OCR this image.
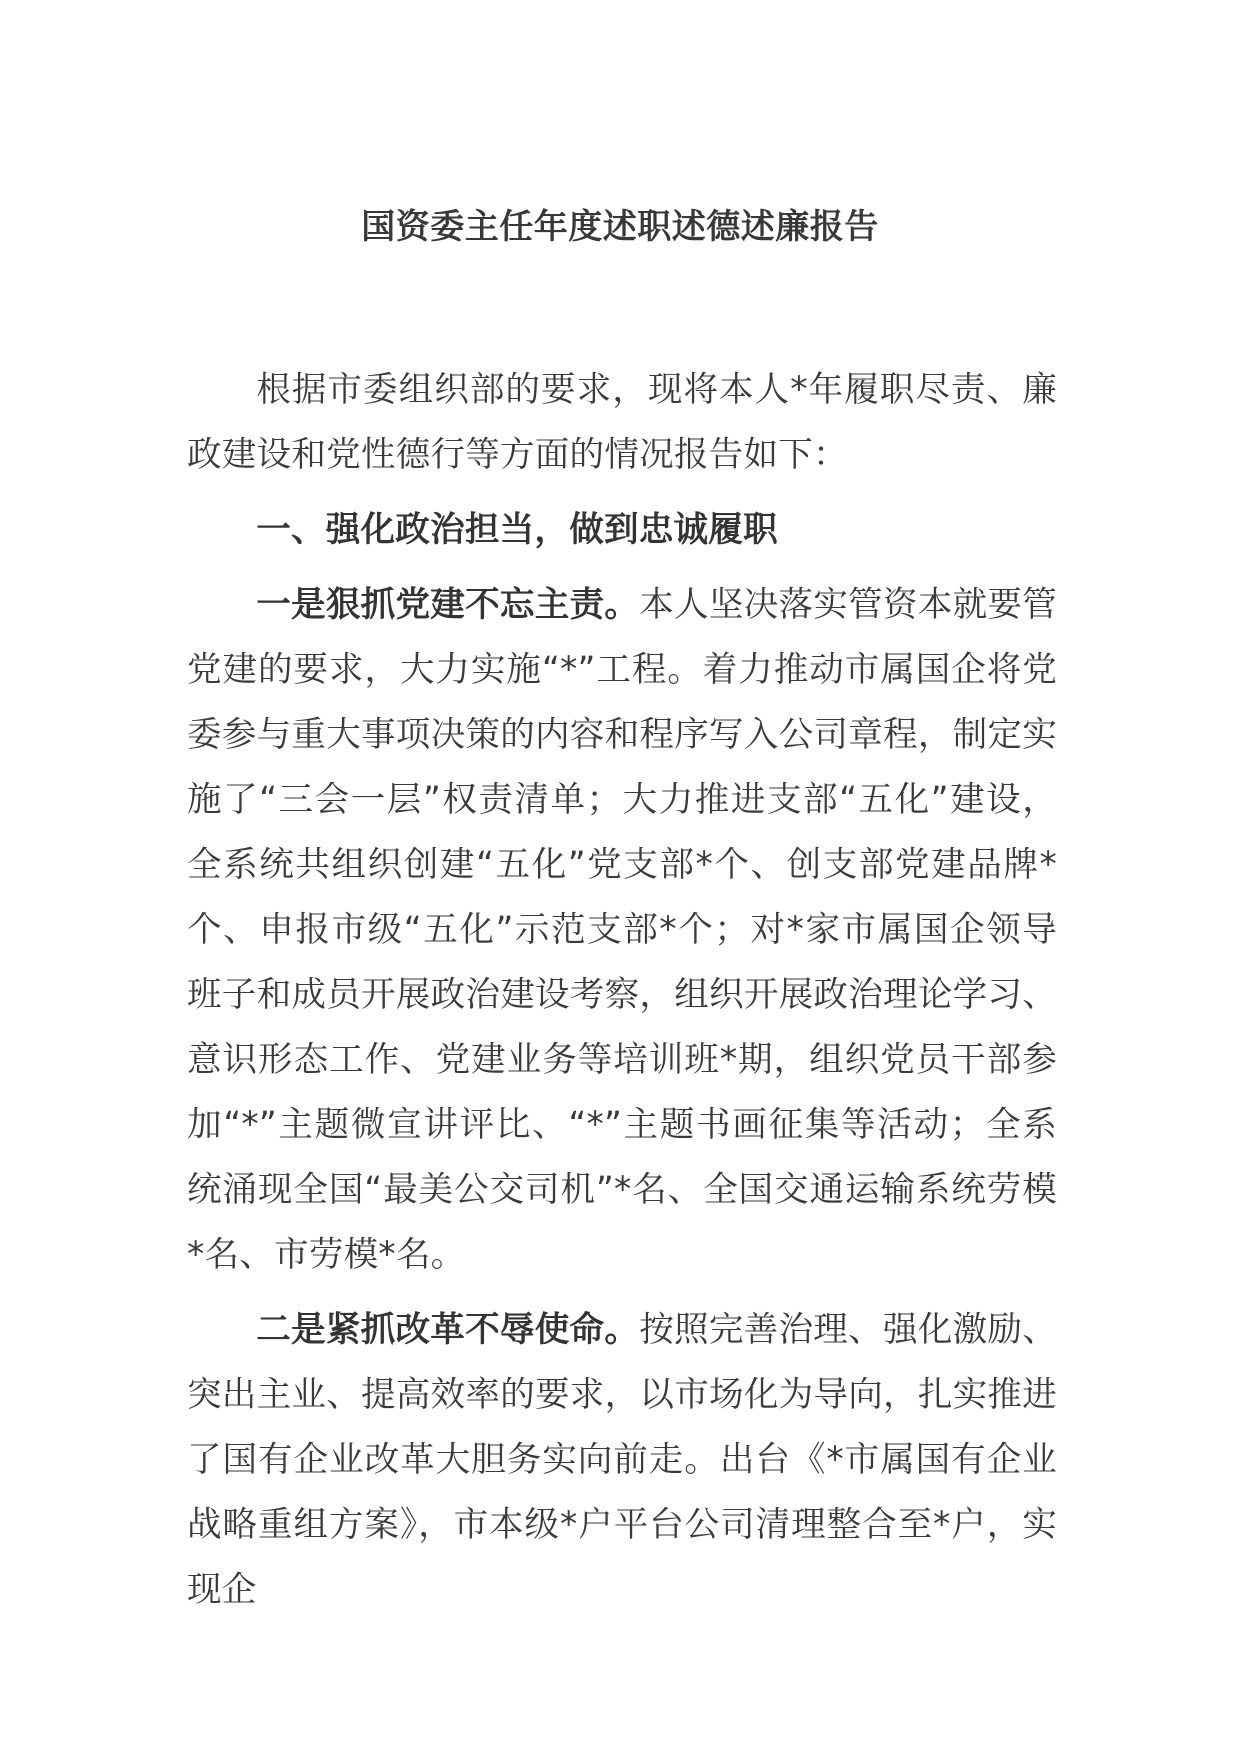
国资委主任年度述职述德述廉报告

根据市委组织部的要求，现将本人*年履职尽责、廉政建设和党性德行等方面的情况报告如下：

一、强化政治担当，做到忠诚履职

一是狠抓党建不忘主责。本人坚决落实管资本就要管党建的要求，大力实施“*”工程。着力推动市属国企将党委参与重大事项决策的内容和程序写入公司章程，制定实施了“三会一层”权责清单；大力推进支部“五化”建设，全系统共组织创建“五化”党支部*个、创支部党建品牌*个、申报市级“五化”示范支部*个；对*家市属国企领导班子和成员开展政治建设考察，组织开展政治理论学习、意识形态工作、党建业务等培训班*期，组织党员干部参加“*”主题微宣讲评比、“*”主题书画征集等活动；全系统涌现全国“最美公交司机”*名、全国交通运输系统劳模*名、市劳模*名。

二是紧抓改革不辱使命。按照完善治理、强化激励、突出主业、提高效率的要求，以市场化为导向，扎实推进了国有企业改革大胆务实向前走。出台《*市属国有企业战略重组方案》，市本级*户平台公司清理整合至*户，实现企
